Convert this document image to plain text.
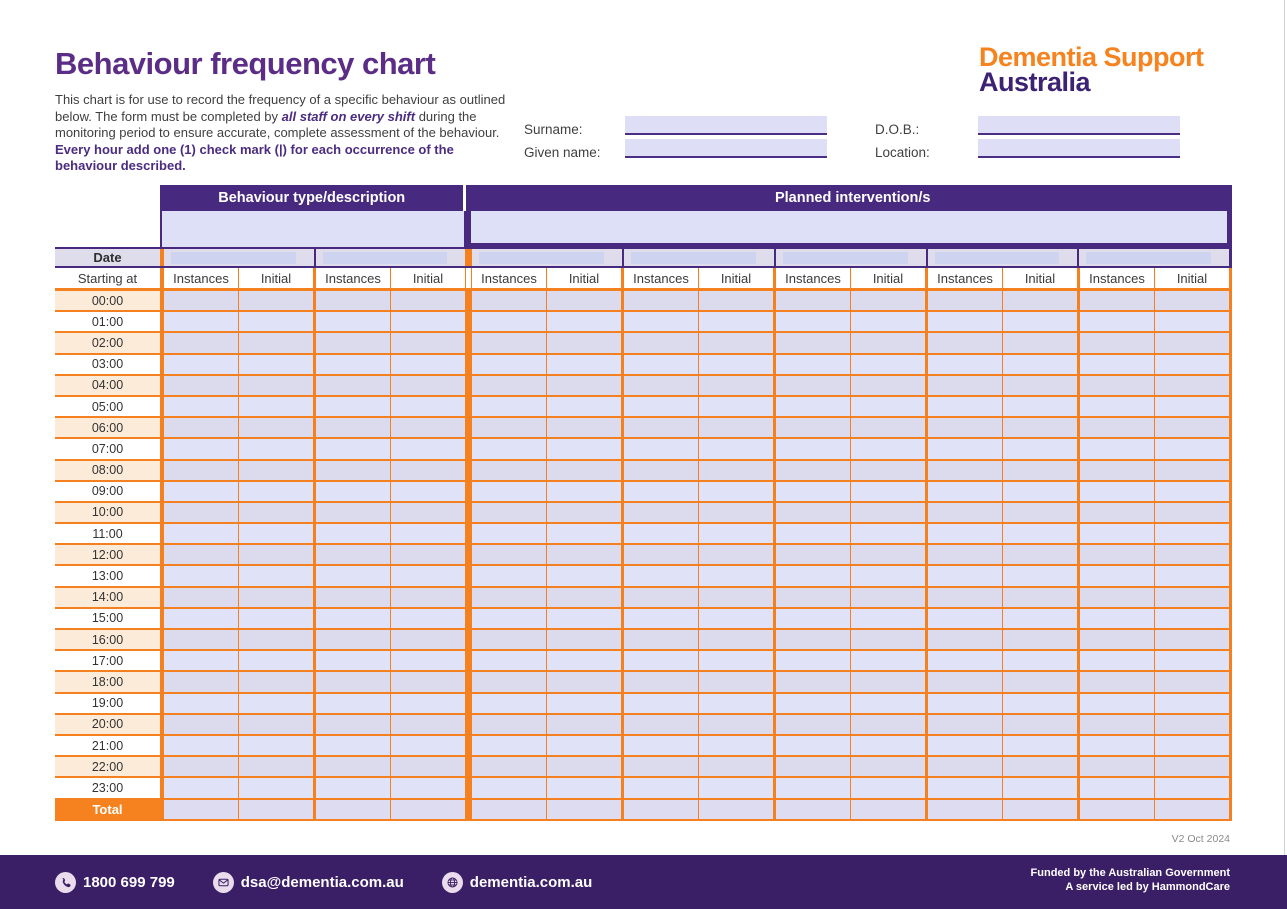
Behaviour frequency chart

This chart is for use to record the frequency of a specific behaviour as outlined below. The form must be completed by all staff on every shift during the monitoring period to ensure accurate, complete assessment of the behaviour. Every hour add one (1) check mark (|) for each occurrence of the behaviour described.

Dementia Support
Australia
Surname:
Given name:
D.O.B.:
Location:
Behaviour type/description	Planned intervention/s
Date
Starting at	Instances	Initial	Instances	Initial	Instances	Initial	Instances	Initial	Instances	Initial	Instances	Initial	Instances	Initial
00:00
01:00
02:00
03:00
04:00
05:00
06:00
07:00
08:00
09:00
10:00
11:00
12:00
13:00
14:00
15:00
16:00
17:00
18:00
19:00
20:00
21:00
22:00
23:00
Total
V2 Oct 2024
1800 699 799	dsa@dementia.com.au	dementia.com.au
Funded by the Australian Government
A service led by HammondCare
